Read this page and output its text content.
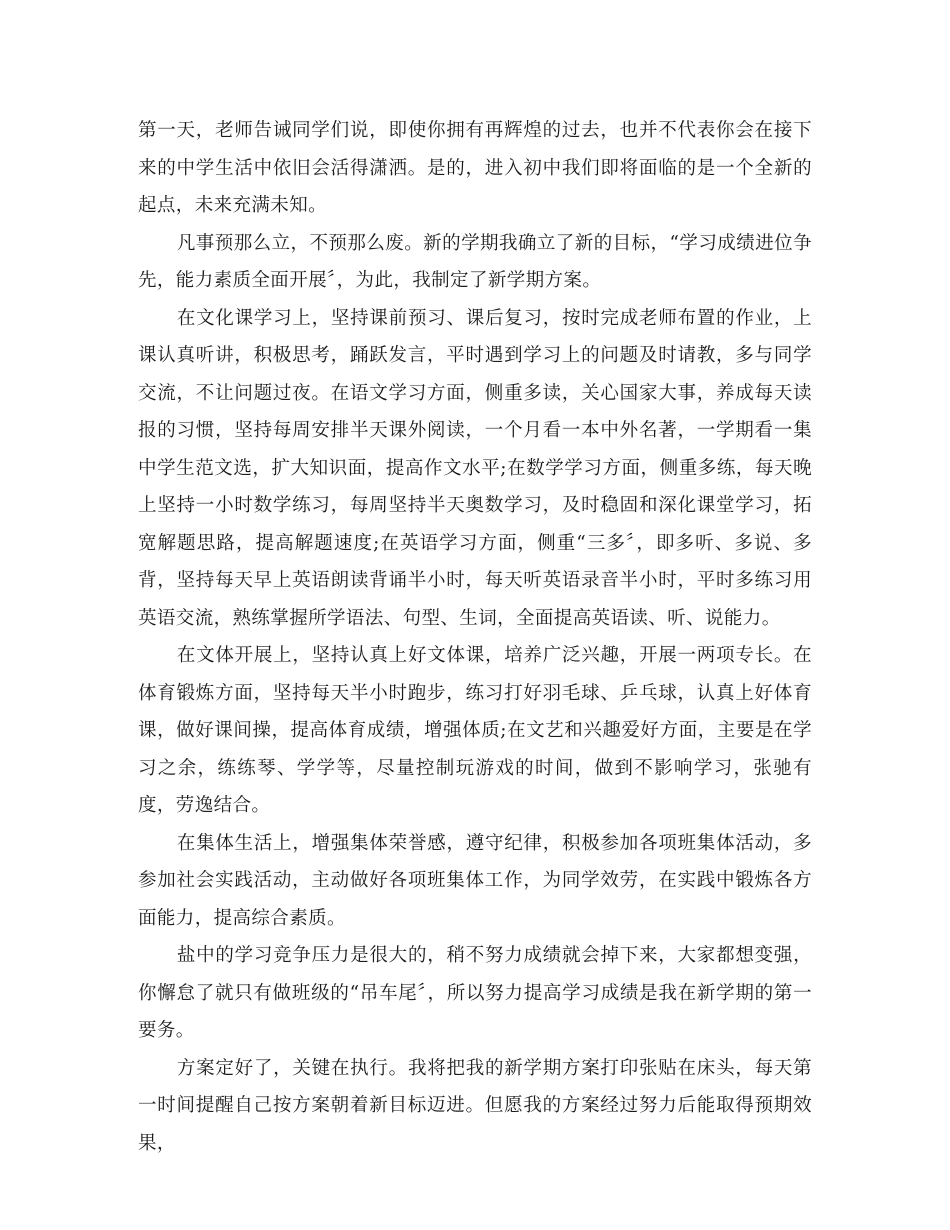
第一天，老师告诫同学们说，即使你拥有再辉煌的过去，也并不代表你会在接下来的中学生活中依旧会活得潇洒。是的，进入初中我们即将面临的是一个全新的起点，未来充满未知。

凡事预那么立，不预那么废。新的学期我确立了新的目标，“学习成绩进位争先，能力素质全面开展〞，为此，我制定了新学期方案。

在文化课学习上，坚持课前预习、课后复习，按时完成老师布置的作业，上课认真听讲，积极思考，踊跃发言，平时遇到学习上的问题及时请教，多与同学交流，不让问题过夜。在语文学习方面，侧重多读，关心国家大事，养成每天读报的习惯，坚持每周安排半天课外阅读，一个月看一本中外名著，一学期看一集中学生范文选，扩大知识面，提高作文水平;在数学学习方面，侧重多练，每天晚上坚持一小时数学练习，每周坚持半天奥数学习，及时稳固和深化课堂学习，拓宽解题思路，提高解题速度;在英语学习方面，侧重“三多〞，即多听、多说、多背，坚持每天早上英语朗读背诵半小时，每天听英语录音半小时，平时多练习用英语交流，熟练掌握所学语法、句型、生词，全面提高英语读、听、说能力。

在文体开展上，坚持认真上好文体课，培养广泛兴趣，开展一两项专长。在体育锻炼方面，坚持每天半小时跑步，练习打好羽毛球、乒乓球，认真上好体育课，做好课间操，提高体育成绩，增强体质;在文艺和兴趣爱好方面，主要是在学习之余，练练琴、学学等，尽量控制玩游戏的时间，做到不影响学习，张驰有度，劳逸结合。

在集体生活上，增强集体荣誉感，遵守纪律，积极参加各项班集体活动，多参加社会实践活动，主动做好各项班集体工作，为同学效劳，在实践中锻炼各方面能力，提高综合素质。

盐中的学习竞争压力是很大的，稍不努力成绩就会掉下来，大家都想变强，你懈怠了就只有做班级的“吊车尾〞，所以努力提高学习成绩是我在新学期的第一要务。

方案定好了，关键在执行。我将把我的新学期方案打印张贴在床头，每天第一时间提醒自己按方案朝着新目标迈进。但愿我的方案经过努力后能取得预期效果，
